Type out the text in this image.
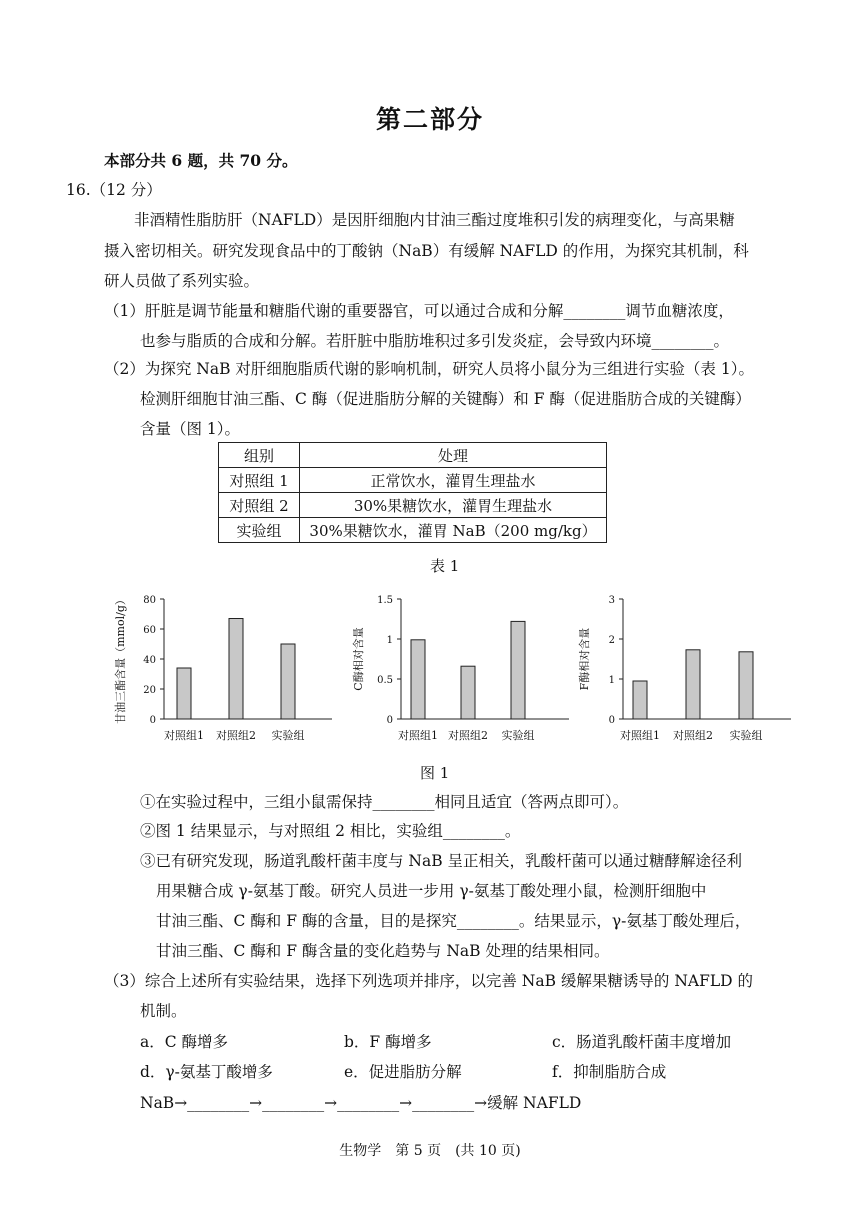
第二部分
本部分共 6 题，共 70 分。
16.（12 分）
非酒精性脂肪肝（NAFLD）是因肝细胞内甘油三酯过度堆积引发的病理变化，与高果糖
摄入密切相关。研究发现食品中的丁酸钠（NaB）有缓解 NAFLD 的作用，为探究其机制，科
研人员做了系列实验。
（1）肝脏是调节能量和糖脂代谢的重要器官，可以通过合成和分解________调节血糖浓度，
也参与脂质的合成和分解。若肝脏中脂肪堆积过多引发炎症，会导致内环境________。
（2）为探究 NaB 对肝细胞脂质代谢的影响机制，研究人员将小鼠分为三组进行实验（表 1）。
检测肝细胞甘油三酯、C 酶（促进脂肪分解的关键酶）和 F 酶（促进脂肪合成的关键酶）
含量（图 1）。
组别	处理
对照组 1	正常饮水，灌胃生理盐水
对照组 2	30%果糖饮水，灌胃生理盐水
实验组	30%果糖饮水，灌胃 NaB（200 mg/kg）
表 1
0
20
40
60
80
对照组1 对照组2 实验组
甘油三酯含量（mmol/g）	0
0.5
1
1.5
对照组1 对照组2 实验组
C酶相对含量
0
1
2
3
对照组1 对照组2 实验组
F酶相对含量
图 1
①在实验过程中，三组小鼠需保持________相同且适宜（答两点即可）。
②图 1 结果显示，与对照组 2 相比，实验组________。
③已有研究发现，肠道乳酸杆菌丰度与 NaB 呈正相关，乳酸杆菌可以通过糖酵解途径利
用果糖合成 γ-氨基丁酸。研究人员进一步用 γ-氨基丁酸处理小鼠，检测肝细胞中
甘油三酯、C 酶和 F 酶的含量，目的是探究________。结果显示，γ-氨基丁酸处理后，
甘油三酯、C 酶和 F 酶含量的变化趋势与 NaB 处理的结果相同。
（3）综合上述所有实验结果，选择下列选项并排序，以完善 NaB 缓解果糖诱导的 NAFLD 的
机制。
a．C 酶增多	b．F 酶增多	c．肠道乳酸杆菌丰度增加
d．γ-氨基丁酸增多	e．促进脂肪分解	f．抑制脂肪合成
NaB→________→________→________→________→缓解 NAFLD
生物学　第 5 页　(共 10 页)
